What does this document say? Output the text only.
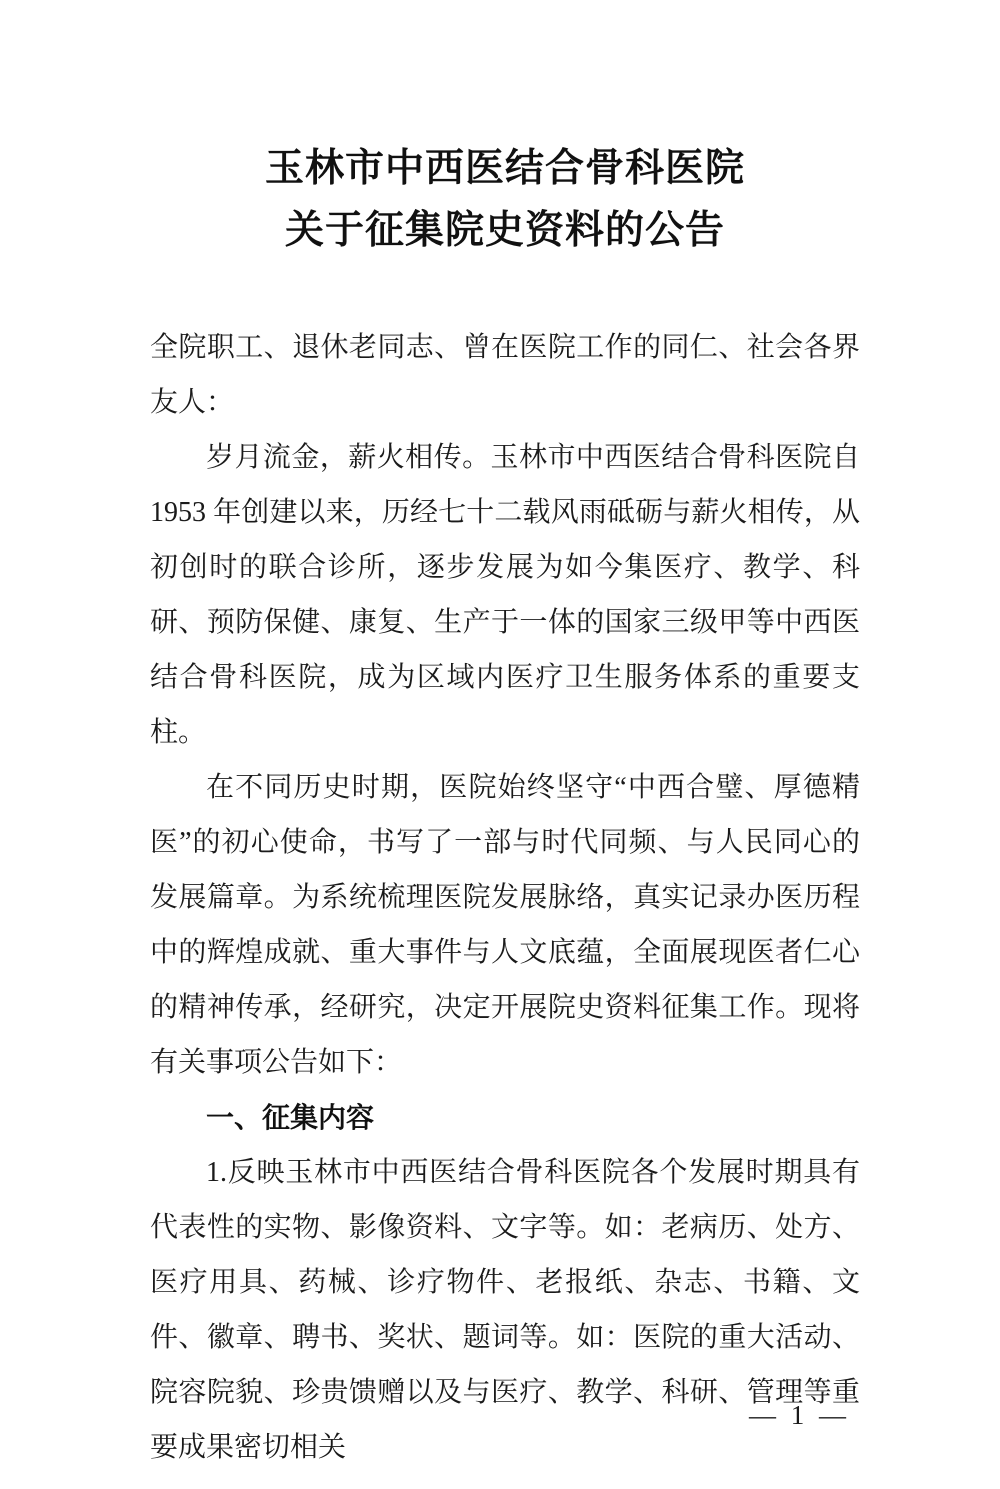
玉林市中西医结合骨科医院
关于征集院史资料的公告

全院职工、退休老同志、曾在医院工作的同仁、社会各界友人：

岁月流金，薪火相传。玉林市中西医结合骨科医院自1953 年创建以来，历经七十二载风雨砥砺与薪火相传，从初创时的联合诊所，逐步发展为如今集医疗、教学、科研、预防保健、康复、生产于一体的国家三级甲等中西医结合骨科医院，成为区域内医疗卫生服务体系的重要支柱。

在不同历史时期，医院始终坚守“中西合璧、厚德精医”的初心使命，书写了一部与时代同频、与人民同心的发展篇章。为系统梳理医院发展脉络，真实记录办医历程中的辉煌成就、重大事件与人文底蕴，全面展现医者仁心的精神传承，经研究，决定开展院史资料征集工作。现将有关事项公告如下：

一、征集内容

1.反映玉林市中西医结合骨科医院各个发展时期具有代表性的实物、影像资料、文字等。如：老病历、处方、医疗用具、药械、诊疗物件、老报纸、杂志、书籍、文件、徽章、聘书、奖状、题词等。如：医院的重大活动、院容院貌、珍贵馈赠以及与医疗、教学、科研、管理等重要成果密切相关

— 1 —
